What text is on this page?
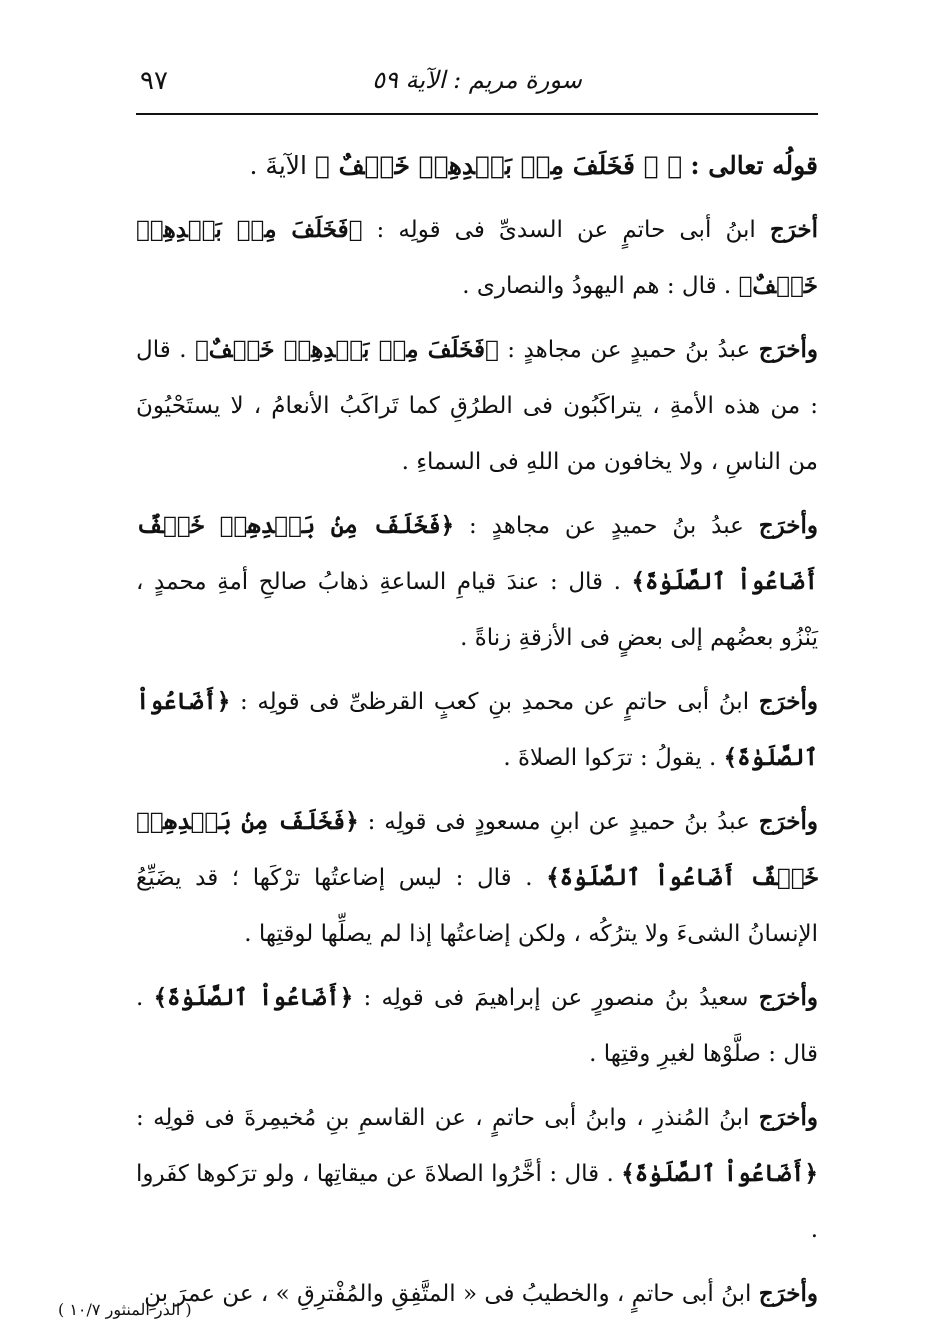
٩٧	سورة مريم : الآية ٥٩

قولُه تعالى : ﴿ ۞ فَخَلَفَ مِنۢ بَعۡدِهِمۡ خَلۡفٌ ﴾ الآيةَ .

أخرَج ابنُ أبى حاتمٍ عن السدىِّ فى قولِه : ﴿فَخَلَفَ مِنۢ بَعۡدِهِمۡ خَلۡفٌ﴾ . قال : هم اليهودُ والنصارى .

وأخرَج عبدُ بنُ حميدٍ عن مجاهدٍ : ﴿فَخَلَفَ مِنۢ بَعۡدِهِمۡ خَلۡفٌ﴾ . قال : من هذه الأمةِ ، يتراكَبُون فى الطرُقِ كما تَراكَبُ الأنعامُ ، لا يستَحْيُونَ من الناسِ ، ولا يخافون من اللهِ فى السماءِ .

وأخرَج عبدُ بنُ حميدٍ عن مجاهدٍ : ﴿فَخَلَفَ مِنۢ بَعۡدِهِمۡ خَلۡفٌ أَضَاعُواْ ٱلصَّلَوٰةَ﴾ . قال : عندَ قيامِ الساعةِ ذهابُ صالحِ أمةِ محمدٍ ، يَنْزُو بعضُهم إلى بعضٍ فى الأزقةِ زناةً .

وأخرَج ابنُ أبى حاتمٍ عن محمدِ بنِ كعبٍ القرظىِّ فى قولِه : ﴿أَضَاعُواْ ٱلصَّلَوٰةَ﴾ . يقولُ : ترَكوا الصلاةَ .

وأخرَج عبدُ بنُ حميدٍ عن ابنِ مسعودٍ فى قولِه : ﴿فَخَلَفَ مِنۢ بَعۡدِهِمۡ خَلۡفٌ أَضَاعُواْ ٱلصَّلَوٰةَ﴾ . قال : ليس إضاعتُها ترْكَها ؛ قد يضَيِّعُ الإنسانُ الشىءَ ولا يترُكُه ، ولكن إضاعتُها إذا لم يصلِّها لوقتِها .

وأخرَج سعيدُ بنُ منصورٍ عن إبراهيمَ فى قولِه : ﴿أَضَاعُواْ ٱلصَّلَوٰةَ﴾ . قال : صلَّوْها لغيرِ وقتِها .

وأخرَج ابنُ المُنذرِ ، وابنُ أبى حاتمٍ ، عن القاسمِ بنِ مُخيمِرةَ فى قولِه : ﴿أَضَاعُواْ ٱلصَّلَوٰةَ﴾ . قال : أخَّرُوا الصلاةَ عن ميقاتِها ، ولو ترَكوها كفَروا .

وأخرَج ابنُ أبى حاتمٍ ، والخطيبُ فى « المتَّفِقِ والمُفْترِقِ » ، عن عمرَ بنِ

( الدر المنثور ١٠/٧ )
